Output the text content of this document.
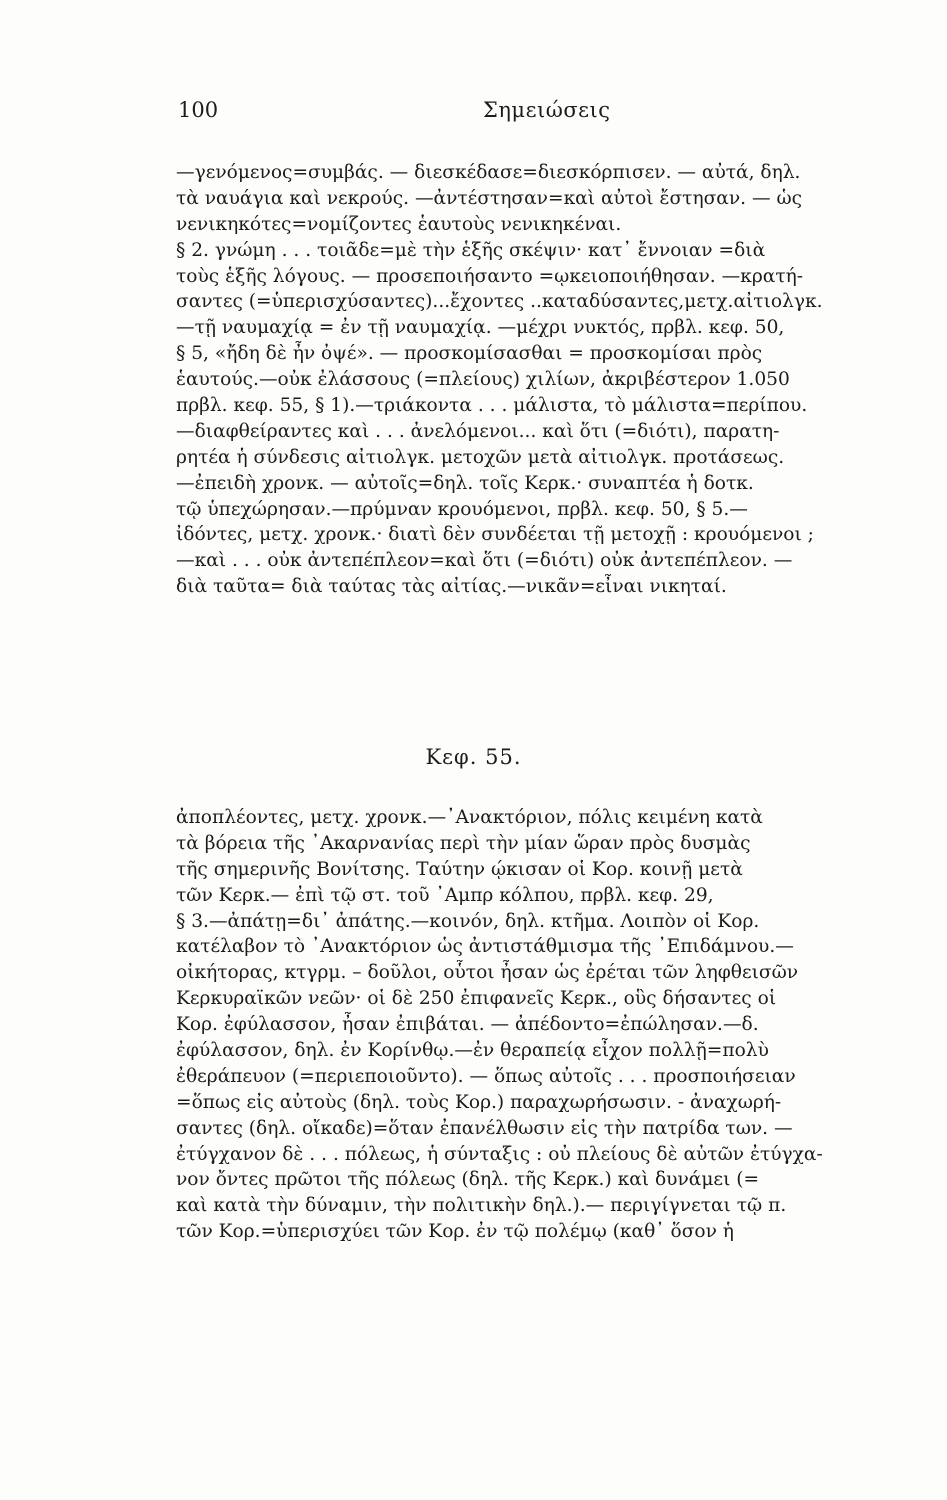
100	Σημειώσεις
—γενόμενος=συμβάς. — διεσκέδασε=διεσκόρπισεν. — αὐτά, δηλ.
τὰ ναυάγια καὶ νεκρούς. —ἀντέστησαν=καὶ αὐτοὶ ἔστησαν. — ὡς
νενικηκότες=νομίζοντες ἑαυτοὺς νενικηκέναι.
§ 2. γνώμη . . . τοιᾶδε=μὲ τὴν ἑξῆς σκέψιν· κατ᾽ ἔννοιαν =διὰ
τοὺς ἑξῆς λόγους. — προσεποιήσαντο =ῳκειοποιήθησαν. —κρατή-
σαντες (=ὑπερισχύσαντες)...ἔχοντες ..καταδύσαντες,μετχ.αἰτιολγκ.
—τῇ ναυμαχίᾳ = ἐν τῇ ναυμαχίᾳ. —μέχρι νυκτός, πρβλ. κεφ. 50,
§ 5, «ἤδη δὲ ἦν ὀψέ». — προσκομίσασθαι = προσκομίσαι πρὸς
ἑαυτούς.—οὐκ ἐλάσσους (=πλείους) χιλίων, ἀκριβέστερον 1.050
πρβλ. κεφ. 55, § 1).—τριάκοντα . . . μάλιστα, τὸ μάλιστα=περίπου.
—διαφθείραντες καὶ . . . ἀνελόμενοι... καὶ ὅτι (=διότι), παρατη-
ρητέα ἡ σύνδεσις αἰτιολγκ. μετοχῶν μετὰ αἰτιολγκ. προτάσεως.
—ἐπειδὴ χρονκ. — αὐτοῖς=δηλ. τοῖς Κερκ.· συναπτέα ἡ δοτκ.
τῷ ὑπεχώρησαν.—πρύμναν κρουόμενοι, πρβλ. κεφ. 50, § 5.—
ἰδόντες, μετχ. χρονκ.· διατὶ δὲν συνδέεται τῇ μετοχῇ : κρουόμενοι ;
—καὶ . . . οὐκ ἀντεπέπλεον=καὶ ὅτι (=διότι) οὐκ ἀντεπέπλεον. —
διὰ ταῦτα= διὰ ταύτας τὰς αἰτίας.—νικᾶν=εἶναι νικηταί.
Κεφ. 55.
ἀποπλέοντες, μετχ. χρονκ.—᾽Ανακτόριον, πόλις κειμένη κατὰ
τὰ βόρεια τῆς ᾽Ακαρνανίας περὶ τὴν μίαν ὥραν πρὸς δυσμὰς
τῆς σημερινῆς Βονίτσης. Ταύτην ῴκισαν οἱ Κορ. κοινῇ μετὰ
τῶν Κερκ.— ἐπὶ τῷ στ. τοῦ ᾽Αμπρ κόλπου, πρβλ. κεφ. 29,
§ 3.—ἀπάτῃ=δι᾽ ἀπάτης.—κοινόν, δηλ. κτῆμα. Λοιπὸν οἱ Κορ.
κατέλαβον τὸ ᾽Ανακτόριον ὡς ἀντιστάθμισμα τῆς ᾽Επιδάμνου.—
οἰκήτορας, κτγρμ. – δοῦλοι, οὗτοι ἦσαν ὡς ἐρέται τῶν ληφθεισῶν
Κερκυραϊκῶν νεῶν· οἱ δὲ 250 ἐπιφανεῖς Κερκ., οὓς δήσαντες οἱ
Κορ. ἐφύλασσον, ἦσαν ἐπιβάται. — ἀπέδοντο=ἐπώλησαν.—δ.
ἐφύλασσον, δηλ. ἐν Κορίνθῳ.—ἐν θεραπείᾳ εἶχον πολλῇ=πολὺ
ἐθεράπευον (=περιεποιοῦντο). — ὅπως αὐτοῖς . . . προσποιήσειαν
=ὅπως εἰς αὐτοὺς (δηλ. τοὺς Κορ.) παραχωρήσωσιν. - ἀναχωρή-
σαντες (δηλ. οἴκαδε)=ὅταν ἐπανέλθωσιν εἰς τὴν πατρίδα των. —
ἐτύγχανον δὲ . . . πόλεως, ἡ σύνταξις : οὐ πλείους δὲ αὐτῶν ἐτύγχα-
νον ὄντες πρῶτοι τῆς πόλεως (δηλ. τῆς Κερκ.) καὶ δυνάμει (=
καὶ κατὰ τὴν δύναμιν, τὴν πολιτικὴν δηλ.).— περιγίγνεται τῷ π.
τῶν Κορ.=ὑπερισχύει τῶν Κορ. ἐν τῷ πολέμῳ (καθ᾽ ὅσον ἡ
